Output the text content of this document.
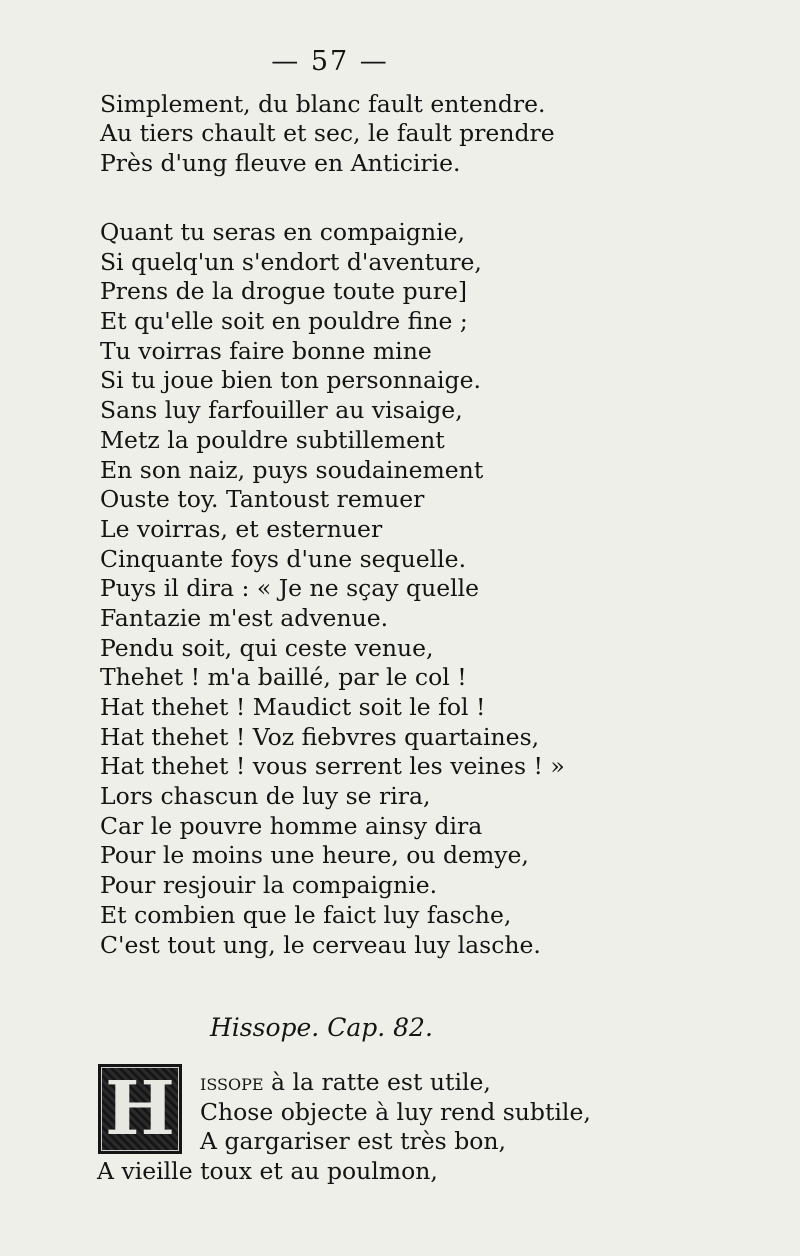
— 57 —
Simplement, du blanc fault entendre.
Au tiers chault et sec, le fault prendre
Près d'ung fleuve en Anticirie.
Quant tu seras en compaignie,
Si quelq'un s'endort d'aventure,
Prens de la drogue toute pure]
Et qu'elle soit en pouldre fine ;
Tu voirras faire bonne mine
Si tu joue bien ton personnaige.
Sans luy farfouiller au visaige,
Metz la pouldre subtillement
En son naiz, puys soudainement
Ouste toy. Tantoust remuer
Le voirras, et esternuer
Cinquante foys d'une sequelle.
Puys il dira : « Je ne sçay quelle
Fantazie m'est advenue.
Pendu soit, qui ceste venue,
Thehet ! m'a baillé, par le col !
Hat thehet ! Maudict soit le fol !
Hat thehet ! Voz fiebvres quartaines,
Hat thehet ! vous serrent les veines ! »
Lors chascun de luy se rira,
Car le pouvre homme ainsy dira
Pour le moins une heure, ou demye,
Pour resjouir la compaignie.
Et combien que le faict luy fasche,
C'est tout ung, le cerveau luy lasche.
Hissope. Cap. 82.
H issope à la ratte est utile,
Chose objecte à luy rend subtile,
A gargariser est très bon,
A vieille toux et au poulmon,
